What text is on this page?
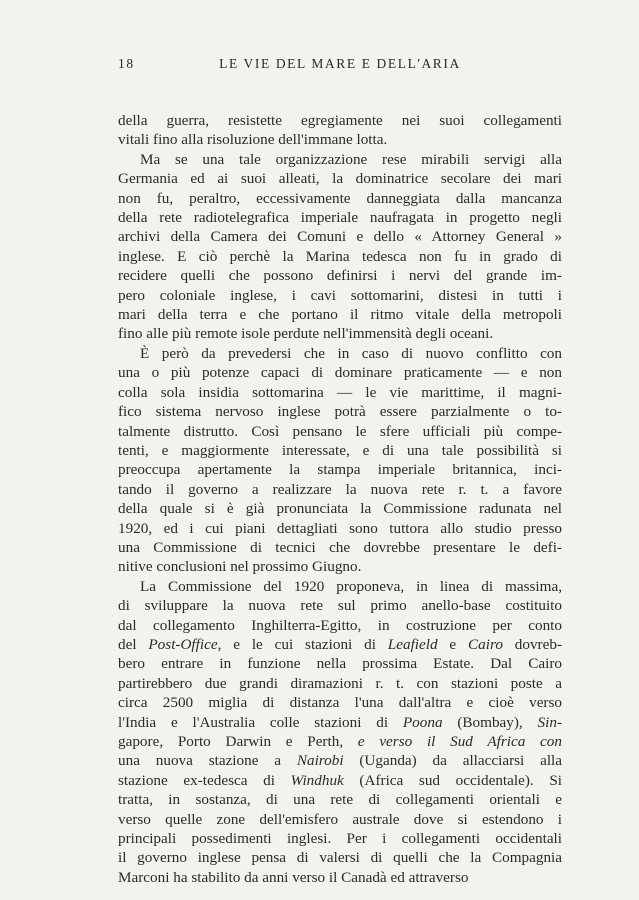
18	LE VIE DEL MARE E DELL'ARIA

della guerra, resistette egregiamente nei suoi collegamenti

vitali fino alla risoluzione dell'immane lotta.

Ma se una tale organizzazione rese mirabili servigi alla

Germania ed ai suoi alleati, la dominatrice secolare dei mari

non fu, peraltro, eccessivamente danneggiata dalla mancanza

della rete radiotelegrafica imperiale naufragata in progetto negli

archivi della Camera dei Comuni e dello « Attorney General »

inglese. E ciò perchè la Marina tedesca non fu in grado di

recidere quelli che possono definirsi i nervi del grande im-

pero coloniale inglese, i cavi sottomarini, distesi in tutti i

mari della terra e che portano il ritmo vitale della metropoli

fino alle più remote isole perdute nell'immensità degli oceani.

È però da prevedersi che in caso di nuovo conflitto con

una o più potenze capaci di dominare praticamente — e non

colla sola insidia sottomarina — le vie marittime, il magni-

fico sistema nervoso inglese potrà essere parzialmente o to-

talmente distrutto. Così pensano le sfere ufficiali più compe-

tenti, e maggiormente interessate, e di una tale possibilità si

preoccupa apertamente la stampa imperiale britannica, inci-

tando il governo a realizzare la nuova rete r. t. a favore

della quale si è già pronunciata la Commissione radunata nel

1920, ed i cui piani dettagliati sono tuttora allo studio presso

una Commissione di tecnici che dovrebbe presentare le defi-

nitive conclusioni nel prossimo Giugno.

La Commissione del 1920 proponeva, in linea di massima,

di sviluppare la nuova rete sul primo anello-base costituito

dal collegamento Inghilterra-Egitto, in costruzione per conto

del Post-Office, e le cui stazioni di Leafield e Cairo dovreb-

bero entrare in funzione nella prossima Estate. Dal Cairo

partirebbero due grandi diramazioni r. t. con stazioni poste a

circa 2500 miglia di distanza l'una dall'altra e cioè verso

l'India e l'Australia colle stazioni di Poona (Bombay), Sin-

gapore, Porto Darwin e Perth, e verso il Sud Africa con

una nuova stazione a Nairobi (Uganda) da allacciarsi alla

stazione ex-tedesca di Windhuk (Africa sud occidentale). Si

tratta, in sostanza, di una rete di collegamenti orientali e

verso quelle zone dell'emisfero australe dove si estendono i

principali possedimenti inglesi. Per i collegamenti occidentali

il governo inglese pensa di valersi di quelli che la Compagnia

Marconi ha stabilito da anni verso il Canadà ed attraverso
